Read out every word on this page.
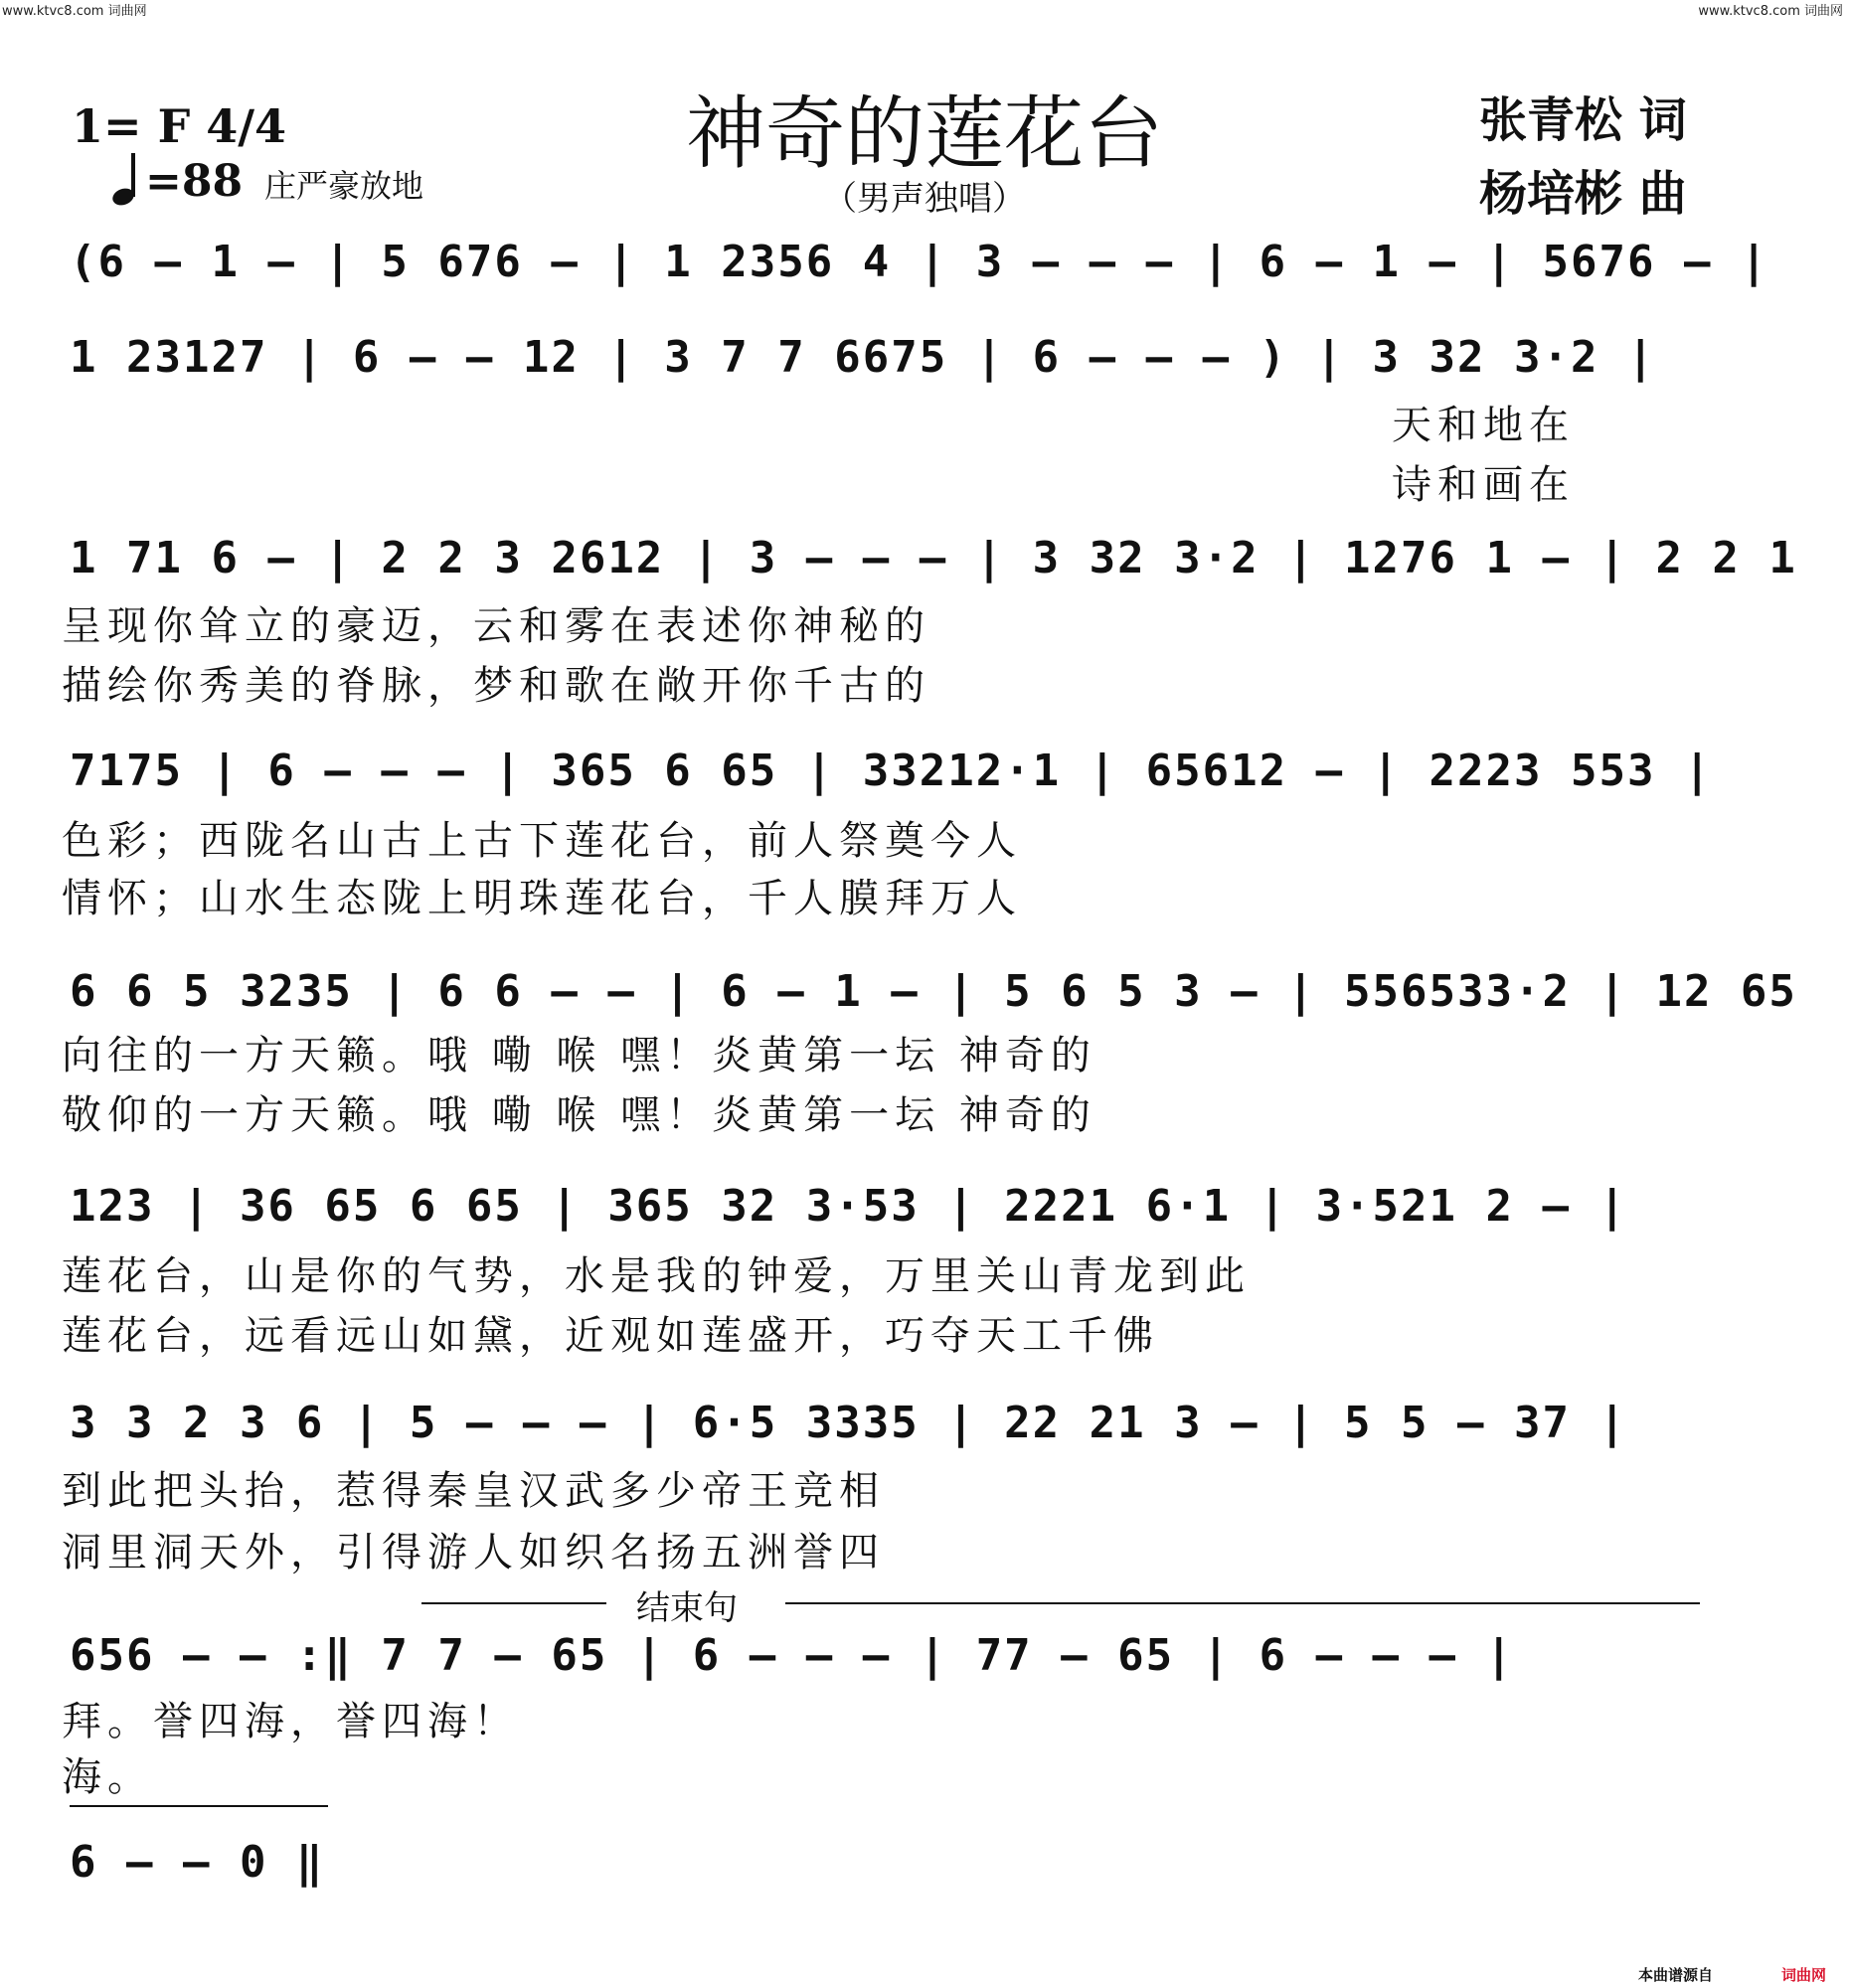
www.ktvc8.com 词曲网	www.ktvc8.com 词曲网
1= F 4/4
=88 庄严豪放地
神奇的莲花台
（男声独唱）
张青松 词
杨培彬 曲
(6 — 1 — | 5 676 — | 1 2356 4 | 3 — — — | 6 — 1 — | 5676 — |
1 23127 | 6 — — 12 | 3 7 7 6675 | 6 — — — ) | 3 32 3·2 |
天和地在
诗和画在
1 71 6 — | 2 2 3 2612 | 3 — — — | 3 32 3·2 | 1276 1 — | 2 2 1
呈现你耸立的豪迈，云和雾在表述你神秘的
描绘你秀美的脊脉，梦和歌在敞开你千古的
7175 | 6 — — — | 365 6 65 | 33212·1 | 65612 — | 2223 553 |
色彩；西陇名山古上古下莲花台，前人祭奠今人
情怀；山水生态陇上明珠莲花台，千人膜拜万人
6 6 5 3235 | 6 6 — — | 6 — 1 — | 5 6 5 3 — | 556533·2 | 12 65
向往的一方天籁。哦 嘞 喉 嘿！炎黄第一坛 神奇的
敬仰的一方天籁。哦 嘞 喉 嘿！炎黄第一坛 神奇的
123 | 36 65 6 65 | 365 32 3·53 | 2221 6·1 | 3·521 2 — |
莲花台，山是你的气势，水是我的钟爱，万里关山青龙到此
莲花台，远看远山如黛，近观如莲盛开，巧夺天工千佛
3 3 2 3 6 | 5 — — — | 6·5 3335 | 22 21 3 — | 5 5 — 37 |
到此把头抬，惹得秦皇汉武多少帝王竞相
洞里洞天外，引得游人如织名扬五洲誉四
结束句
656 — — :‖ 7 7 — 65 | 6 — — — | 77 — 65 | 6 — — — |
拜。誉四海，誉四海！
海。
6 — — 0 ‖
本曲谱源自	词曲网
